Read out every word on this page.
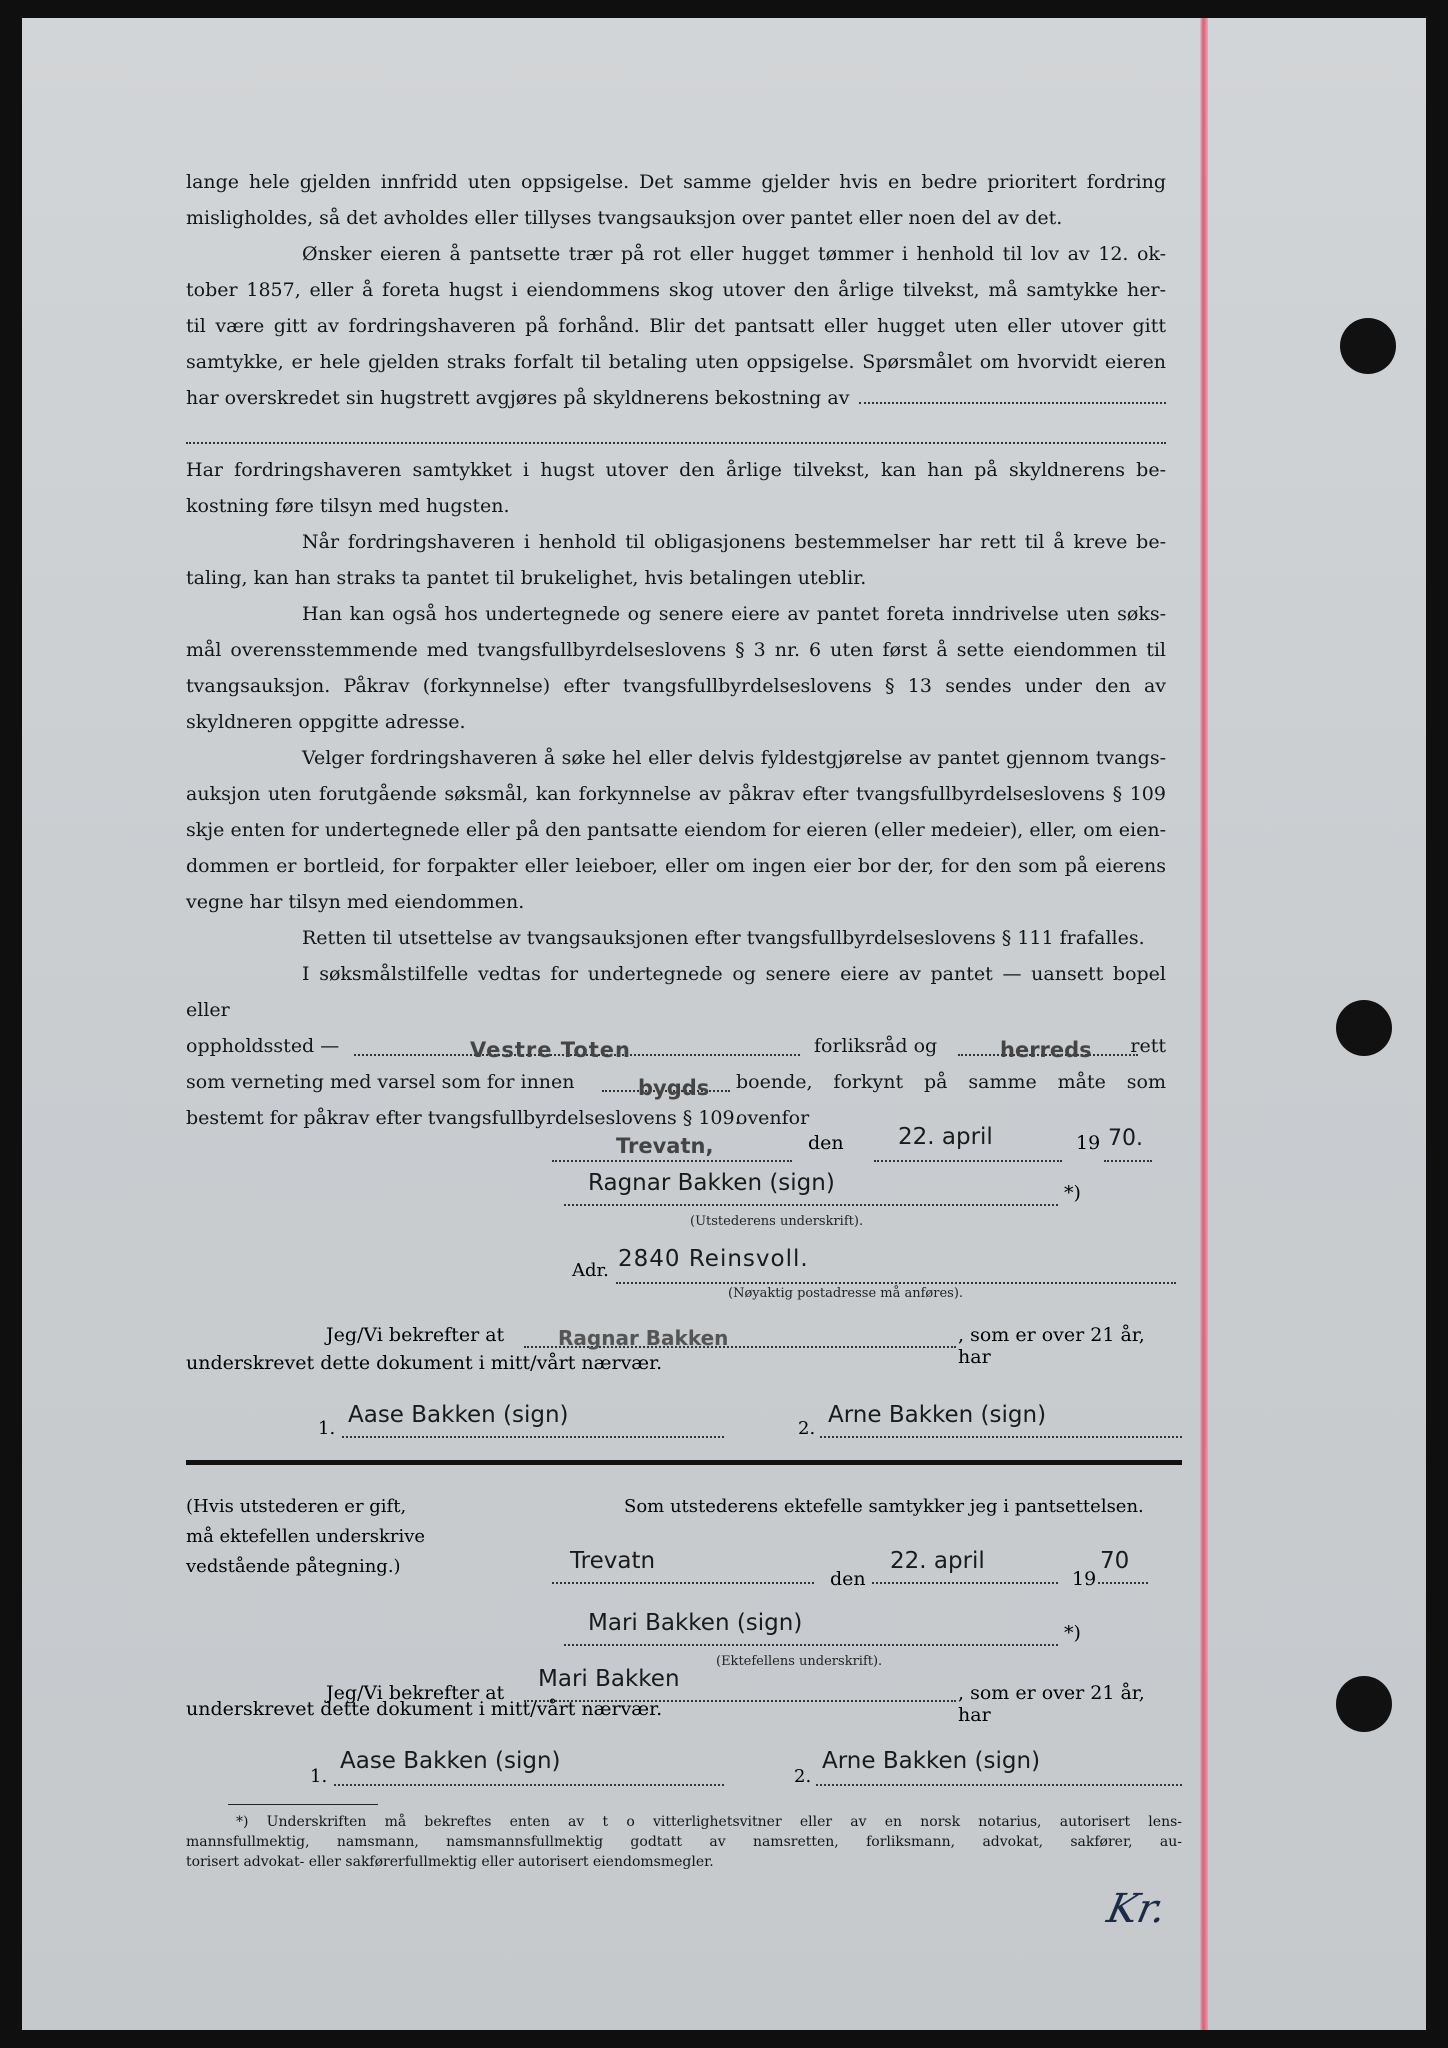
lange hele gjelden innfridd uten oppsigelse. Det samme gjelder hvis en bedre prioritert fordring

misligholdes, så det avholdes eller tillyses tvangsauksjon over pantet eller noen del av det.

Ønsker eieren å pantsette trær på rot eller hugget tømmer i henhold til lov av 12. ok-

tober 1857, eller å foreta hugst i eiendommens skog utover den årlige tilvekst, må samtykke her-

til være gitt av fordringshaveren på forhånd. Blir det pantsatt eller hugget uten eller utover gitt

samtykke, er hele gjelden straks forfalt til betaling uten oppsigelse. Spørsmålet om hvorvidt eieren

har overskredet sin hugstrett avgjøres på skyldnerens bekostning av

Har fordringshaveren samtykket i hugst utover den årlige tilvekst, kan han på skyldnerens be-

kostning føre tilsyn med hugsten.

Når fordringshaveren i henhold til obligasjonens bestemmelser har rett til å kreve be-

taling, kan han straks ta pantet til brukelighet, hvis betalingen uteblir.

Han kan også hos undertegnede og senere eiere av pantet foreta inndrivelse uten søks-

mål overensstemmende med tvangsfullbyrdelseslovens § 3 nr. 6 uten først å sette eiendommen til

tvangsauksjon. Påkrav (forkynnelse) efter tvangsfullbyrdelseslovens § 13 sendes under den av

skyldneren oppgitte adresse.

Velger fordringshaveren å søke hel eller delvis fyldestgjørelse av pantet gjennom tvangs-

auksjon uten forutgående søksmål, kan forkynnelse av påkrav efter tvangsfullbyrdelseslovens § 109

skje enten for undertegnede eller på den pantsatte eiendom for eieren (eller medeier), eller, om eien-

dommen er bortleid, for forpakter eller leieboer, eller om ingen eier bor der, for den som på eierens

vegne har tilsyn med eiendommen.

Retten til utsettelse av tvangsauksjonen efter tvangsfullbyrdelseslovens § 111 frafalles.

I søksmålstilfelle vedtas for undertegnede og senere eiere av pantet — uansett bopel eller

oppholdssted —	Vestre Toten	forliksråd og	herreds rett

som verneting med varsel som for innen	bygds boende, forkynt på samme måte som ovenfor

bestemt for påkrav efter tvangsfullbyrdelseslovens § 109.

Trevatn,	den 22. april	19 70.
Ragnar Bakken (sign)	*)
(Utstederens underskrift).
Adr. 2840 Reinsvoll.
(Nøyaktig postadresse må anføres).
Jeg/Vi bekrefter at	Ragnar Bakken	, som er over 21 år, har
underskrevet dette dokument i mitt/vårt nærvær.
1.
Aase Bakken (sign)
2.
Arne Bakken (sign)
(Hvis utstederen er gift,
må ektefellen underskrive
vedstående påtegning.)
Som utstederens ektefelle samtykker jeg i pantsettelsen.
Trevatn
den
22. april
19
70
Mari Bakken (sign)	*)
(Ektefellens underskrift).
Jeg/Vi bekrefter at
Mari Bakken
, som er over 21 år, har
underskrevet dette dokument i mitt/vårt nærvær.
1.
Aase Bakken (sign)
2.
Arne Bakken (sign)
*) Underskriften må bekreftes enten av t o vitterlighetsvitner eller av en norsk notarius, autorisert lens-
mannsfullmektig, namsmann, namsmannsfullmektig godtatt av namsretten, forliksmann, advokat, sakfører, au-
torisert advokat- eller sakførerfullmektig eller autorisert eiendomsmegler.
Kr.
